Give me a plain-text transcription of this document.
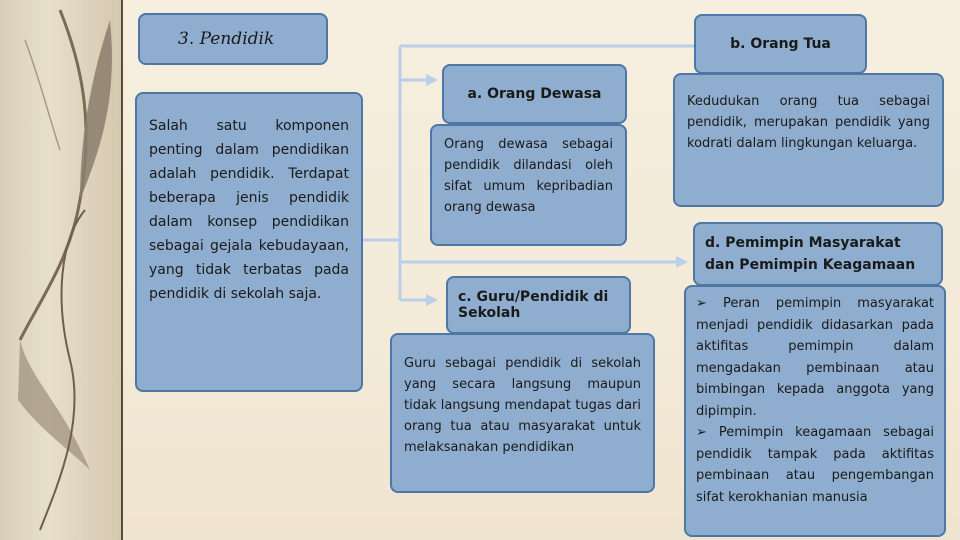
3. Pendidik
Salah satu komponen penting dalam pendidikan adalah pendidik. Terdapat beberapa jenis pendidik dalam konsep pendidikan sebagai gejala kebudayaan, yang tidak terbatas pada pendidik di sekolah saja.
a. Orang Dewasa
Orang dewasa sebagai pendidik dilandasi oleh sifat umum kepribadian orang dewasa
b. Orang Tua
Kedudukan orang tua sebagai pendidik, merupakan pendidik yang kodrati dalam lingkungan keluarga.
c. Guru/Pendidik di Sekolah
Guru sebagai pendidik di sekolah yang secara langsung maupun tidak langsung mendapat tugas dari orang tua atau masyarakat untuk melaksanakan pendidikan
d. Pemimpin Masyarakat dan Pemimpin Keagamaan
➢ Peran pemimpin masyarakat menjadi pendidik didasarkan pada aktifitas pemimpin dalam mengadakan pembinaan atau bimbingan kepada anggota yang dipimpin.
➢ Pemimpin keagamaan sebagai pendidik tampak pada aktifitas pembinaan atau pengembangan sifat kerokhanian manusia
